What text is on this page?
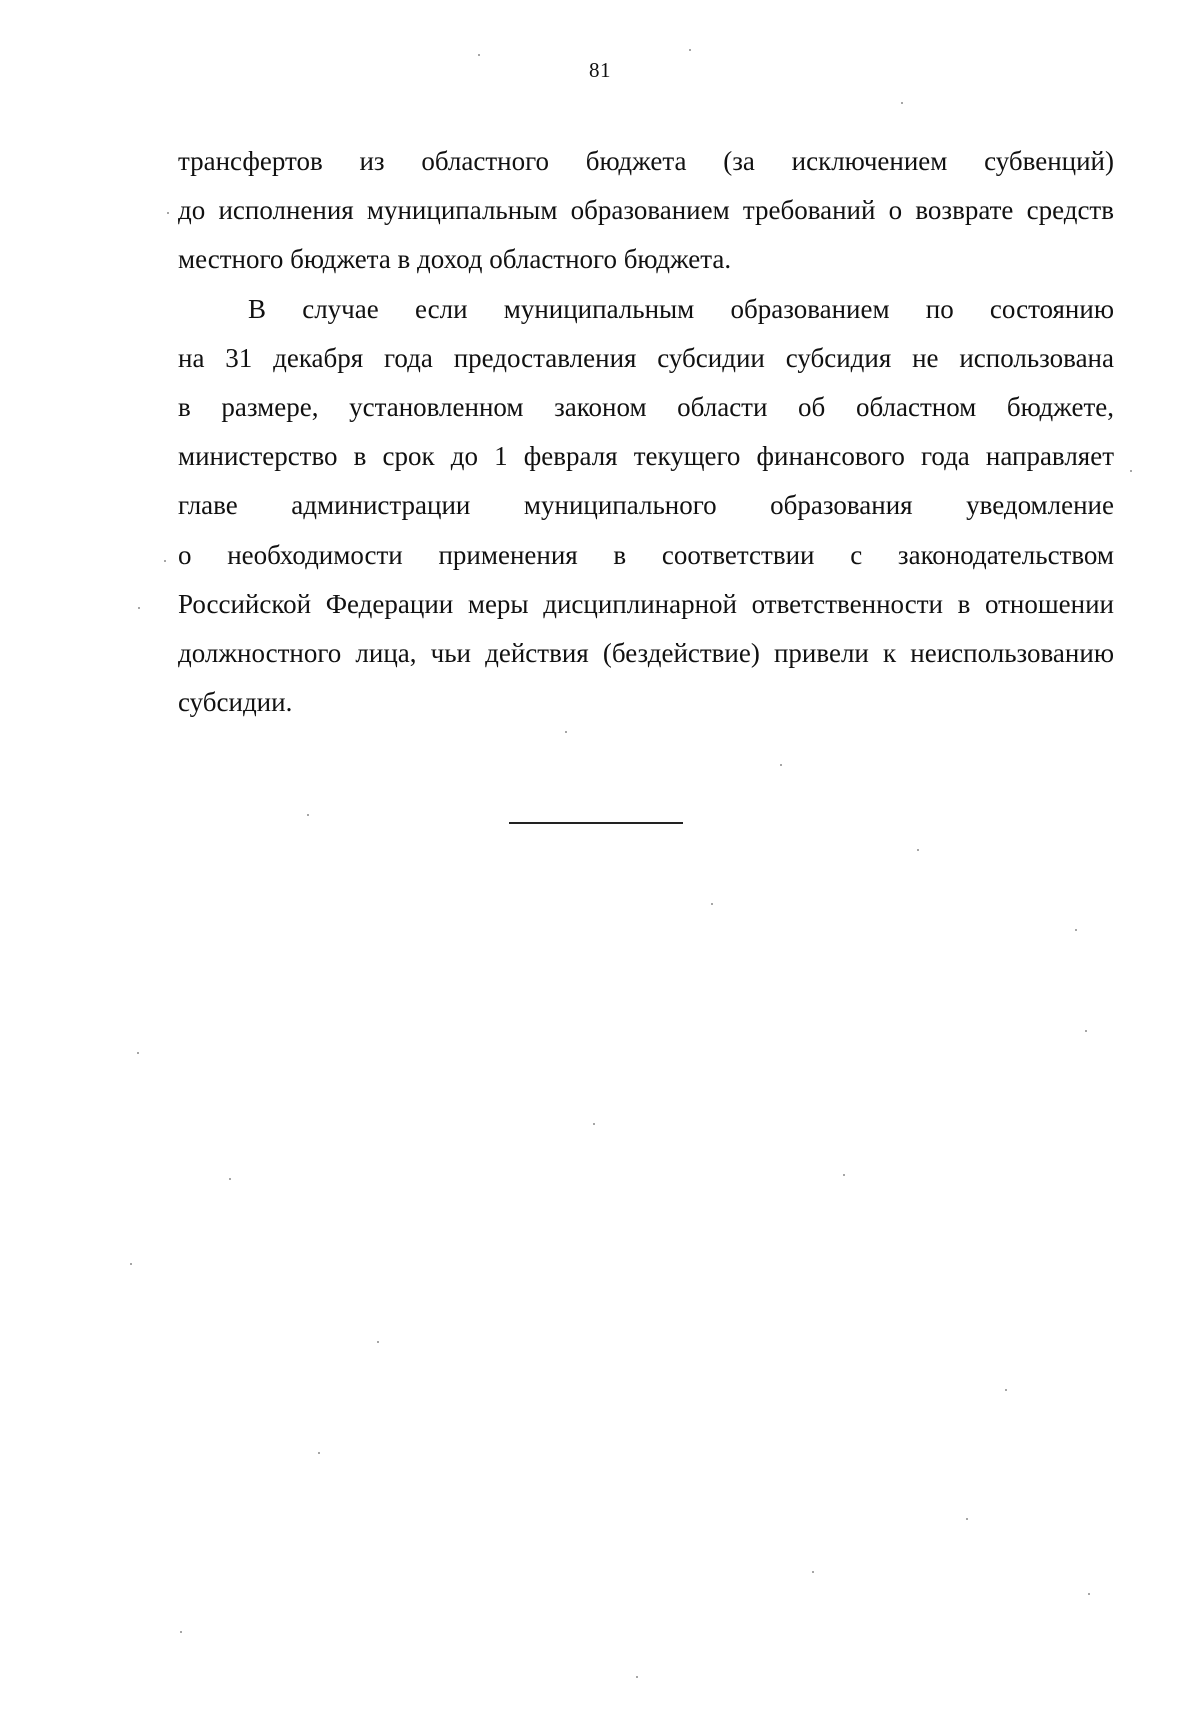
81
трансфертов из областного бюджета (за исключением субвенций)
до исполнения муниципальным образованием требований о возврате средств
местного бюджета в доход областного бюджета.
В случае если муниципальным образованием по состоянию
на 31 декабря года предоставления субсидии субсидия не использована
в размере, установленном законом области об областном бюджете,
министерство в срок до 1 февраля текущего финансового года направляет
главе администрации муниципального образования уведомление
о необходимости применения в соответствии с законодательством
Российской Федерации меры дисциплинарной ответственности в отношении
должностного лица, чьи действия (бездействие) привели к неиспользованию
субсидии.
